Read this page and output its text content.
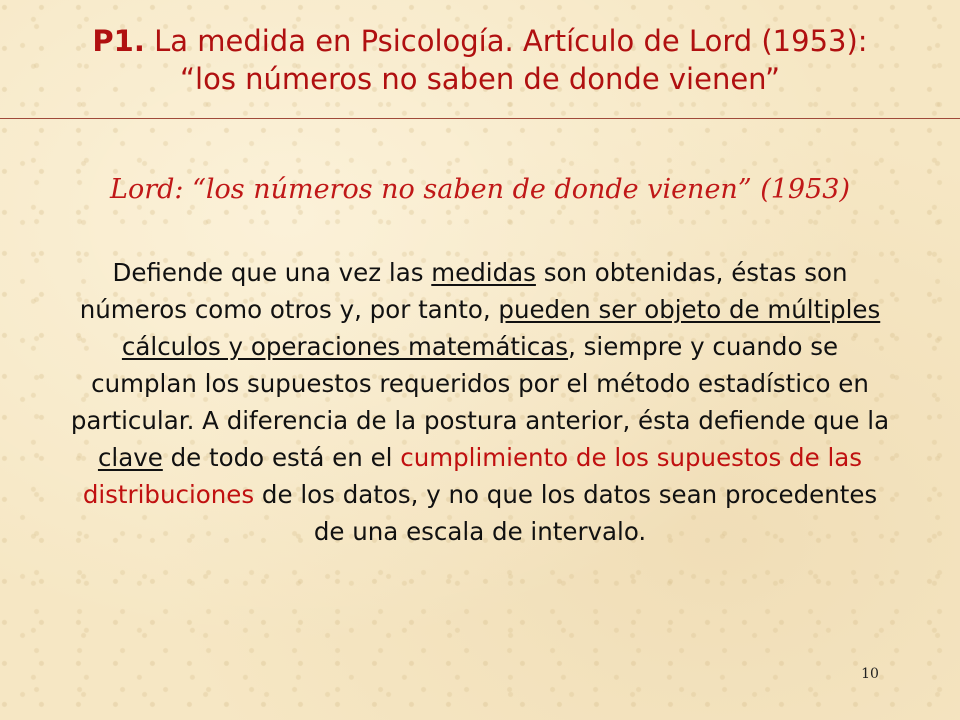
P1. La medida en Psicología. Artículo de Lord (1953):
“los números no saben de donde vienen”
Lord: “los números no saben de donde vienen” (1953)

Defiende que una vez las medidas son obtenidas, éstas son números como otros y, por tanto, pueden ser objeto de múltiples cálculos y operaciones matemáticas, siempre y cuando se cumplan los supuestos requeridos por el método estadístico en particular. A diferencia de la postura anterior, ésta defiende que la clave de todo está en el cumplimiento de los supuestos de las distribuciones de los datos, y no que los datos sean procedentes de una escala de intervalo.

10
